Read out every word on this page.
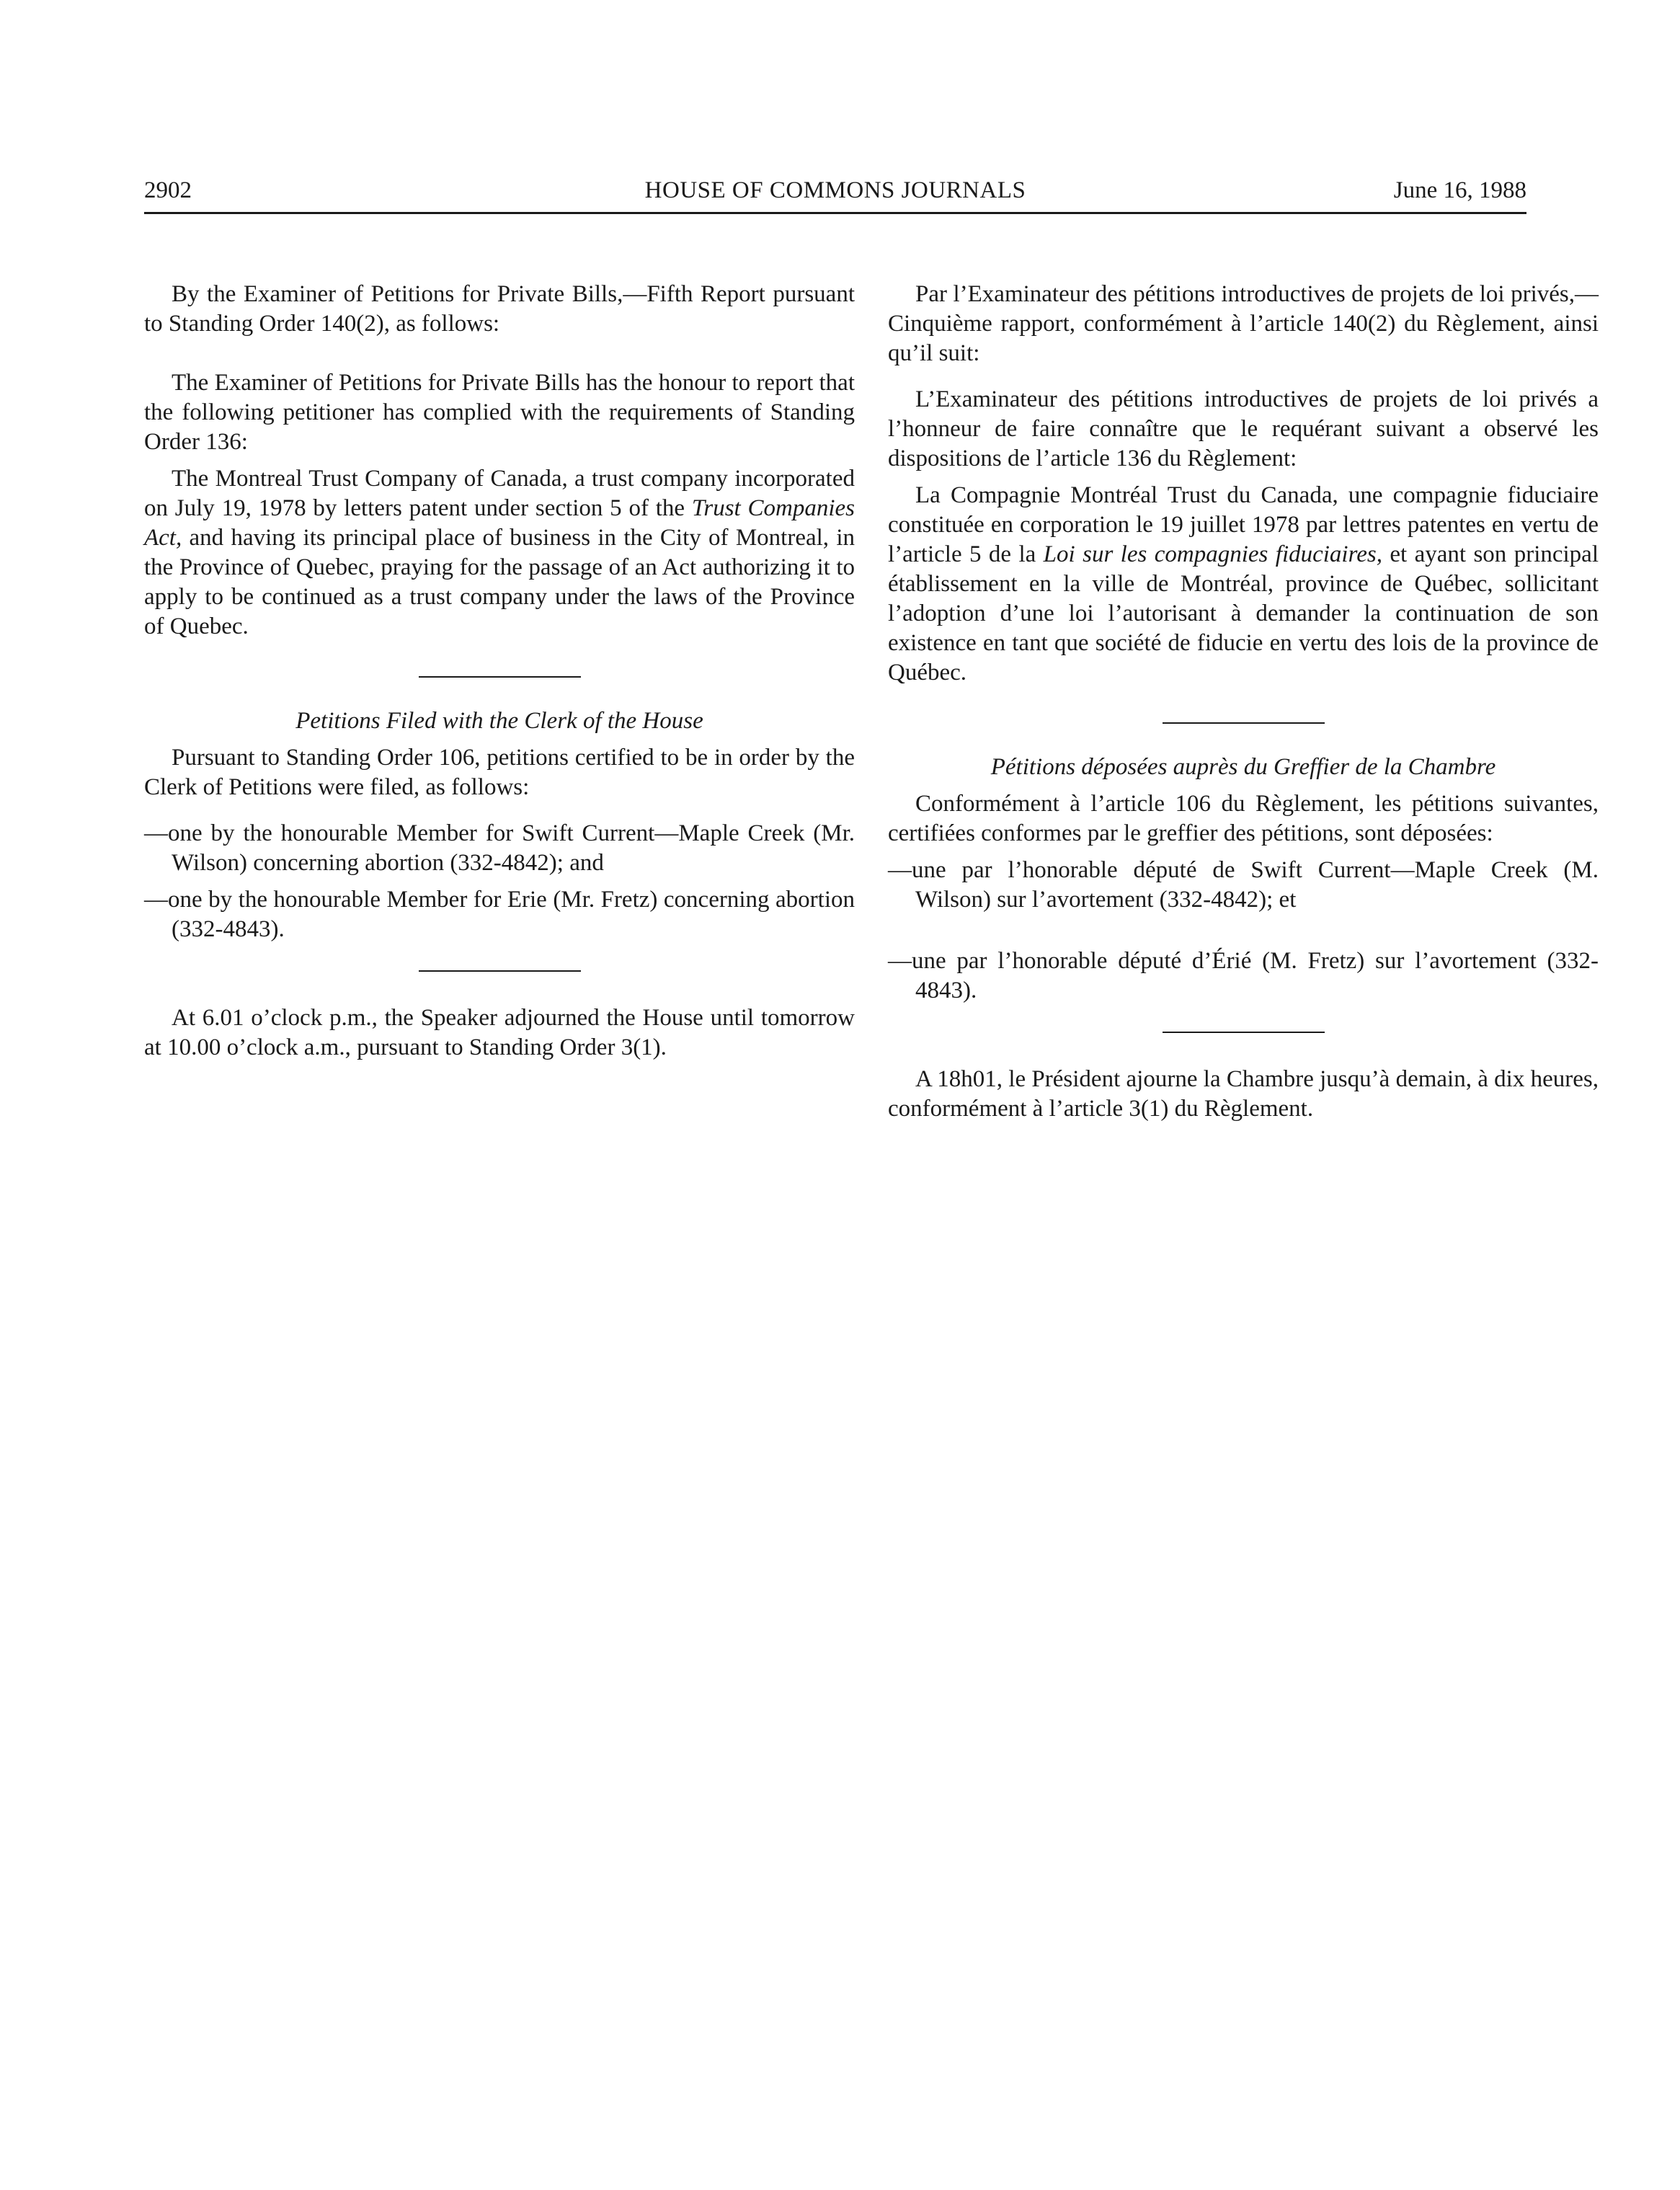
2902	HOUSE OF COMMONS JOURNALS	June 16, 1988

By the Examiner of Petitions for Private Bills,—Fifth Report pursuant to Standing Order 140(2), as follows:

The Examiner of Petitions for Private Bills has the honour to report that the following petitioner has complied with the requirements of Standing Order 136:

The Montreal Trust Company of Canada, a trust company incorporated on July 19, 1978 by letters patent under section 5 of the Trust Companies Act, and having its principal place of business in the City of Montreal, in the Province of Quebec, praying for the passage of an Act authorizing it to apply to be continued as a trust company under the laws of the Province of Quebec.

Petitions Filed with the Clerk of the House

Pursuant to Standing Order 106, petitions certified to be in order by the Clerk of Petitions were filed, as follows:

—one by the honourable Member for Swift Current—Maple Creek (Mr. Wilson) concerning abortion (332-4842); and

—one by the honourable Member for Erie (Mr. Fretz) concerning abortion (332-4843).

At 6.01 o’clock p.m., the Speaker adjourned the House until tomorrow at 10.00 o’clock a.m., pursuant to Standing Order 3(1).

Par l’Examinateur des pétitions introductives de projets de loi privés,—Cinquième rapport, conformément à l’article 140(2) du Règlement, ainsi qu’il suit:

L’Examinateur des pétitions introductives de projets de loi privés a l’honneur de faire connaître que le requérant suivant a observé les dispositions de l’article 136 du Règlement:

La Compagnie Montréal Trust du Canada, une compagnie fiduciaire constituée en corporation le 19 juillet 1978 par lettres patentes en vertu de l’article 5 de la Loi sur les compagnies fiduciaires, et ayant son principal établissement en la ville de Montréal, province de Québec, sollicitant l’adoption d’une loi l’autorisant à demander la continuation de son existence en tant que société de fiducie en vertu des lois de la province de Québec.

Pétitions déposées auprès du Greffier de la Chambre

Conformément à l’article 106 du Règlement, les pétitions suivantes, certifiées conformes par le greffier des pétitions, sont déposées:

—une par l’honorable député de Swift Current—Maple Creek (M. Wilson) sur l’avortement (332-4842); et

—une par l’honorable député d’Érié (M. Fretz) sur l’avortement (332-4843).

A 18h01, le Président ajourne la Chambre jusqu’à demain, à dix heures, conformément à l’article 3(1) du Règlement.
